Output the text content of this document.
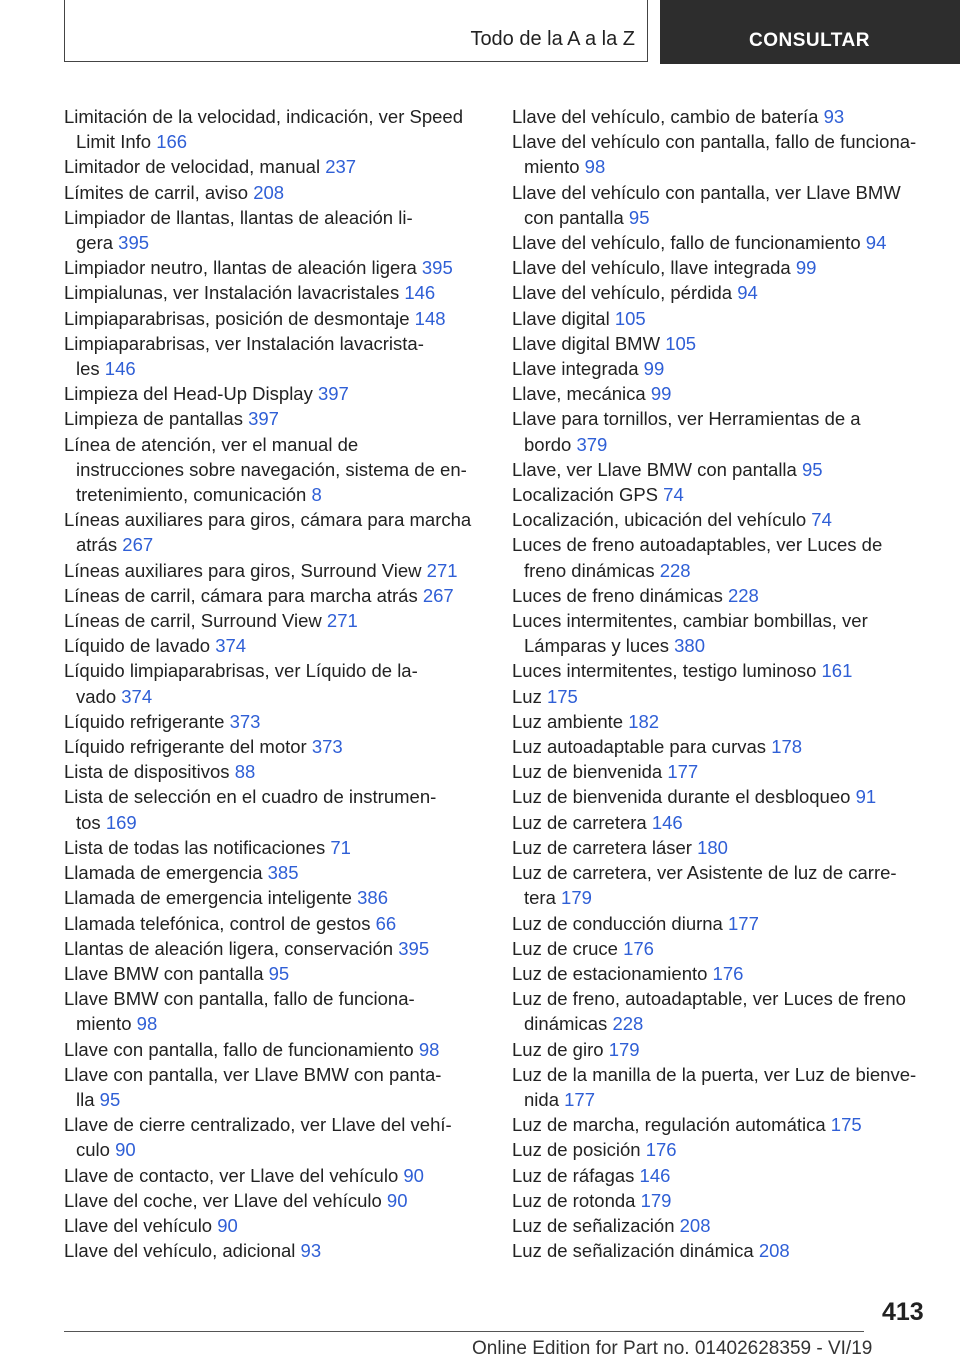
Todo de la A a la Z	CONSULTAR
Limitación de la velocidad, indicación, ver Speed
Limit Info 166
Limitador de velocidad, manual 237
Límites de carril, aviso 208
Limpiador de llantas, llantas de aleación li-
gera 395
Limpiador neutro, llantas de aleación ligera 395
Limpialunas, ver Instalación lavacristales 146
Limpiaparabrisas, posición de desmontaje 148
Limpiaparabrisas, ver Instalación lavacrista-
les 146
Limpieza del Head-Up Display 397
Limpieza de pantallas 397
Línea de atención, ver el manual de
instrucciones sobre navegación, sistema de en-
tretenimiento, comunicación 8
Líneas auxiliares para giros, cámara para marcha
atrás 267
Líneas auxiliares para giros, Surround View 271
Líneas de carril, cámara para marcha atrás 267
Líneas de carril, Surround View 271
Líquido de lavado 374
Líquido limpiaparabrisas, ver Líquido de la-
vado 374
Líquido refrigerante 373
Líquido refrigerante del motor 373
Lista de dispositivos 88
Lista de selección en el cuadro de instrumen-
tos 169
Lista de todas las notificaciones 71
Llamada de emergencia 385
Llamada de emergencia inteligente 386
Llamada telefónica, control de gestos 66
Llantas de aleación ligera, conservación 395
Llave BMW con pantalla 95
Llave BMW con pantalla, fallo de funciona-
miento 98
Llave con pantalla, fallo de funcionamiento 98
Llave con pantalla, ver Llave BMW con panta-
lla 95
Llave de cierre centralizado, ver Llave del vehí-
culo 90
Llave de contacto, ver Llave del vehículo 90
Llave del coche, ver Llave del vehículo 90
Llave del vehículo 90
Llave del vehículo, adicional 93
Llave del vehículo, cambio de batería 93
Llave del vehículo con pantalla, fallo de funciona-
miento 98
Llave del vehículo con pantalla, ver Llave BMW
con pantalla 95
Llave del vehículo, fallo de funcionamiento 94
Llave del vehículo, llave integrada 99
Llave del vehículo, pérdida 94
Llave digital 105
Llave digital BMW 105
Llave integrada 99
Llave, mecánica 99
Llave para tornillos, ver Herramientas de a
bordo 379
Llave, ver Llave BMW con pantalla 95
Localización GPS 74
Localización, ubicación del vehículo 74
Luces de freno autoadaptables, ver Luces de
freno dinámicas 228
Luces de freno dinámicas 228
Luces intermitentes, cambiar bombillas, ver
Lámparas y luces 380
Luces intermitentes, testigo luminoso 161
Luz 175
Luz ambiente 182
Luz autoadaptable para curvas 178
Luz de bienvenida 177
Luz de bienvenida durante el desbloqueo 91
Luz de carretera 146
Luz de carretera láser 180
Luz de carretera, ver Asistente de luz de carre-
tera 179
Luz de conducción diurna 177
Luz de cruce 176
Luz de estacionamiento 176
Luz de freno, autoadaptable, ver Luces de freno
dinámicas 228
Luz de giro 179
Luz de la manilla de la puerta, ver Luz de bienve-
nida 177
Luz de marcha, regulación automática 175
Luz de posición 176
Luz de ráfagas 146
Luz de rotonda 179
Luz de señalización 208
Luz de señalización dinámica 208
413
Online Edition for Part no. 01402628359 - VI/19
